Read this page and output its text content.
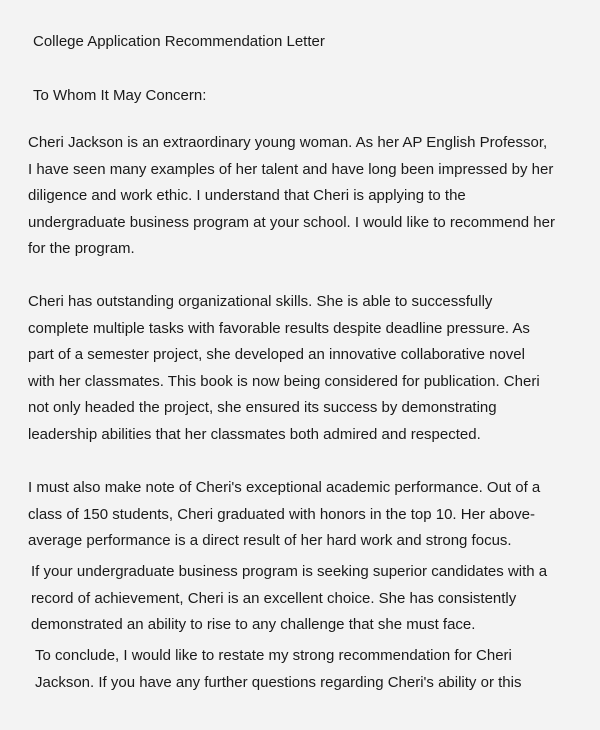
College Application Recommendation Letter
To Whom It May Concern:
Cheri Jackson is an extraordinary young woman. As her AP English Professor,
I have seen many examples of her talent and have long been impressed by her
diligence and work ethic. I understand that Cheri is applying to the
undergraduate business program at your school. I would like to recommend her
for the program.
Cheri has outstanding organizational skills. She is able to successfully
complete multiple tasks with favorable results despite deadline pressure. As
part of a semester project, she developed an innovative collaborative novel
with her classmates. This book is now being considered for publication. Cheri
not only headed the project, she ensured its success by demonstrating
leadership abilities that her classmates both admired and respected.
I must also make note of Cheri's exceptional academic performance. Out of a
class of 150 students, Cheri graduated with honors in the top 10. Her above-
average performance is a direct result of her hard work and strong focus.
If your undergraduate business program is seeking superior candidates with a
record of achievement, Cheri is an excellent choice. She has consistently
demonstrated an ability to rise to any challenge that she must face.
To conclude, I would like to restate my strong recommendation for Cheri
Jackson. If you have any further questions regarding Cheri's ability or this
